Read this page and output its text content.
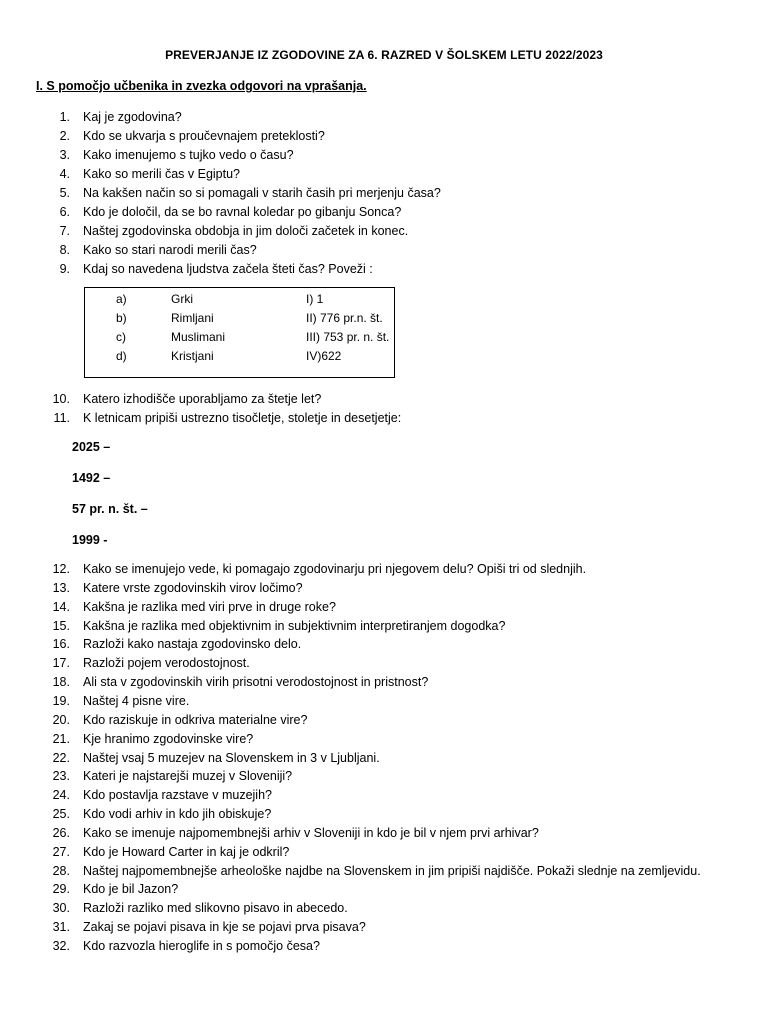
PREVERJANJE IZ ZGODOVINE ZA 6. RAZRED V ŠOLSKEM LETU 2022/2023
I. S pomočjo učbenika in zvezka odgovori na vprašanja.
1. Kaj je zgodovina?
2. Kdo se ukvarja s proučevnajem preteklosti?
3. Kako imenujemo s tujko vedo o času?
4. Kako so merili čas v Egiptu?
5. Na kakšen način so si pomagali v starih časih pri merjenju časa?
6. Kdo je določil, da se bo ravnal koledar po gibanju Sonca?
7. Naštej zgodovinska obdobja in jim določi začetek in konec.
8. Kako so stari narodi merili čas?
9. Kdaj so navedena ljudstva začela šteti čas? Poveži :
a)	Grki	I) 1
b)	Rimljani	II) 776 pr.n. št.
c)	Muslimani	III) 753 pr. n. št.
d)	Kristjani	IV)622
10. Katero izhodišče uporabljamo za štetje let?
11. K letnicam pripiši ustrezno tisočletje, stoletje in desetjetje:
2025 –
1492 –
57 pr. n. št. –
1999 -
12. Kako se imenujejo vede, ki pomagajo zgodovinarju pri njegovem delu? Opiši tri od slednjih.
13. Katere vrste zgodovinskih virov ločimo?
14. Kakšna je razlika med viri prve in druge roke?
15. Kakšna je razlika med objektivnim in subjektivnim interpretiranjem dogodka?
16. Razloži kako nastaja zgodovinsko delo.
17. Razloži pojem verodostojnost.
18. Ali sta v zgodovinskih virih prisotni verodostojnost in pristnost?
19. Naštej 4 pisne vire.
20. Kdo raziskuje in odkriva materialne vire?
21. Kje hranimo zgodovinske vire?
22. Naštej vsaj 5 muzejev na Slovenskem in 3 v Ljubljani.
23. Kateri je najstarejši muzej v Sloveniji?
24. Kdo postavlja razstave v muzejih?
25. Kdo vodi arhiv in kdo jih obiskuje?
26. Kako se imenuje najpomembnejši arhiv v Sloveniji in kdo je bil v njem prvi arhivar?
27. Kdo je Howard Carter in kaj je odkril?
28. Naštej najpomembnejše arheološke najdbe na Slovenskem in jim pripiši najdišče. Pokaži slednje na zemljevidu.
29. Kdo je bil Jazon?
30. Razloži razliko med slikovno pisavo in abecedo.
31. Zakaj se pojavi pisava in kje se pojavi prva pisava?
32. Kdo razvozla hieroglife in s pomočjo česa?
